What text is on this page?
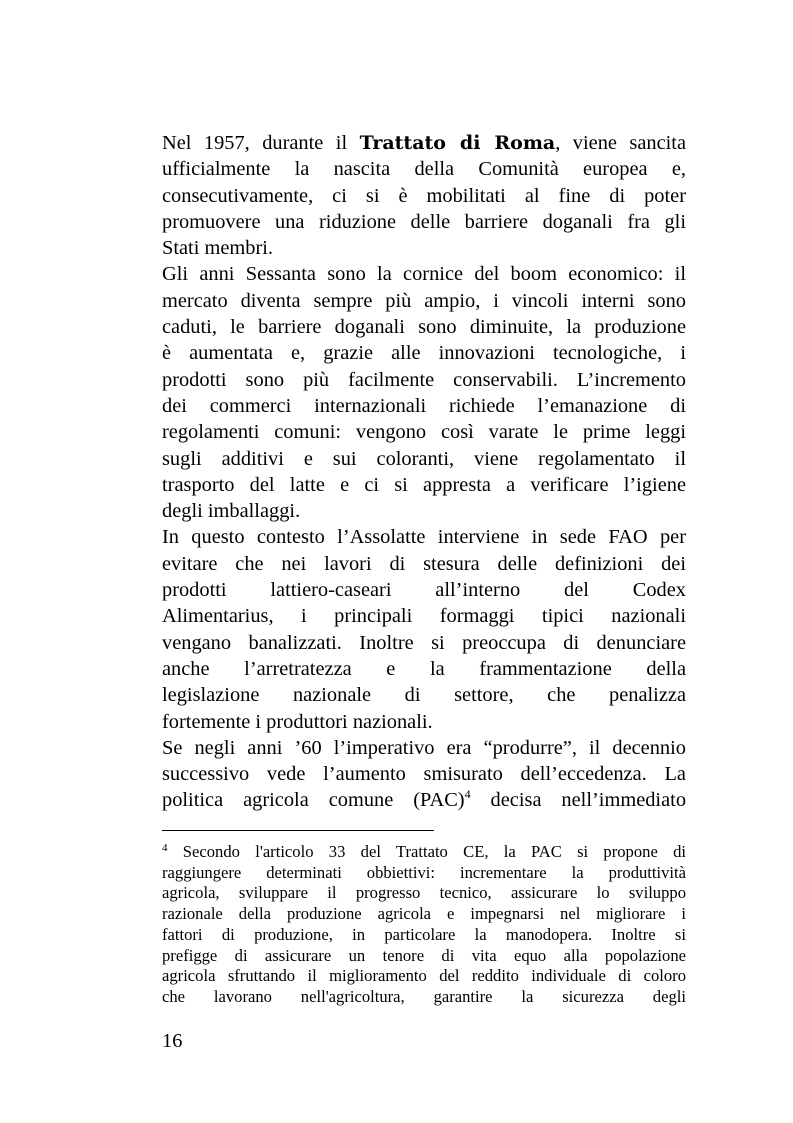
Nel 1957, durante il Trattato di Roma, viene sancita
ufficialmente la nascita della Comunità europea e,
consecutivamente, ci si è mobilitati al fine di poter
promuovere una riduzione delle barriere doganali fra gli
Stati membri.

Gli anni Sessanta sono la cornice del boom economico: il
mercato diventa sempre più ampio, i vincoli interni sono
caduti, le barriere doganali sono diminuite, la produzione
è aumentata e, grazie alle innovazioni tecnologiche, i
prodotti sono più facilmente conservabili. L’incremento
dei commerci internazionali richiede l’emanazione di
regolamenti comuni: vengono così varate le prime leggi
sugli additivi e sui coloranti, viene regolamentato il
trasporto del latte e ci si appresta a verificare l’igiene
degli imballaggi.

In questo contesto l’Assolatte interviene in sede FAO per
evitare che nei lavori di stesura delle definizioni dei
prodotti lattiero-caseari all’interno del Codex
Alimentarius, i principali formaggi tipici nazionali
vengano banalizzati. Inoltre si preoccupa di denunciare
anche l’arretratezza e la frammentazione della
legislazione nazionale di settore, che penalizza
fortemente i produttori nazionali.

Se negli anni ’60 l’imperativo era “produrre”, il decennio
successivo vede l’aumento smisurato dell’eccedenza. La
politica agricola comune (PAC)$^4$ decisa nell’immediato

$^4$ Secondo l'articolo 33 del Trattato CE, la PAC si propone di
raggiungere determinati obbiettivi: incrementare la produttività
agricola, sviluppare il progresso tecnico, assicurare lo sviluppo
razionale della produzione agricola e impegnarsi nel migliorare i
fattori di produzione, in particolare la manodopera. Inoltre si
prefigge di assicurare un tenore di vita equo alla popolazione
agricola sfruttando il miglioramento del reddito individuale di coloro
che lavorano nell'agricoltura, garantire la sicurezza degli
16
